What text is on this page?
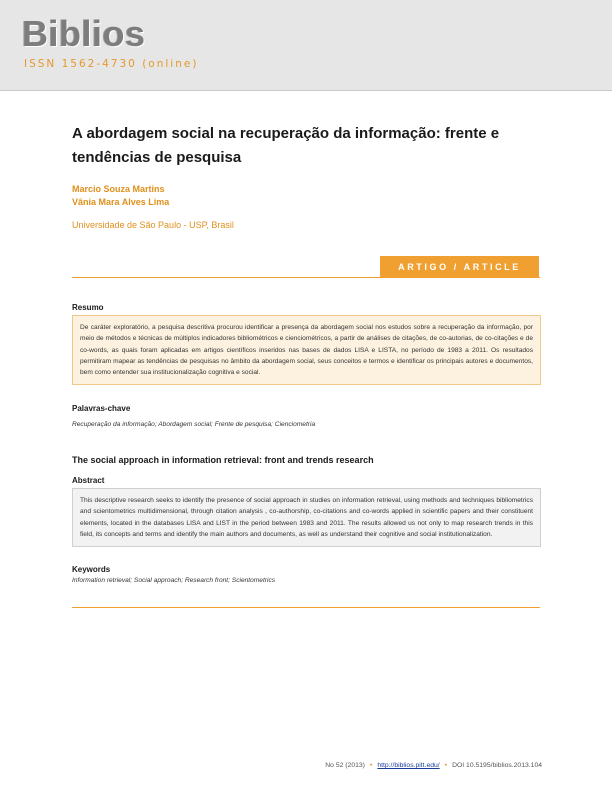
Biblios
ISSN 1562-4730 (online)
A abordagem social na recuperação da informação: frente e tendências de pesquisa
Marcio Souza Martins
Vânia Mara Alves Lima
Universidade de São Paulo - USP, Brasil
ARTIGO / ARTICLE
Resumo
De caráter exploratório, a pesquisa descritiva procurou identificar a presença da abordagem social nos estudos sobre a recuperação da informação, por meio de métodos e técnicas de múltiplos indicadores bibliométricos e cienciométricos, a partir de análises de citações, de co-autorias, de co-citações e de co-words, as quais foram aplicadas em artigos científicos inseridos nas bases de dados LISA e LISTA, no período de 1983 a 2011. Os resultados permitiram mapear as tendências de pesquisas no âmbito da abordagem social, seus conceitos e termos e identificar os principais autores e documentos, bem como entender sua institucionalização cognitiva e social.
Palavras-chave
Recuperação da informação; Abordagem social; Frente de pesquisa; Cienciometria
The social approach in information retrieval: front and trends research
Abstract
This descriptive research seeks to identify the presence of social approach in studies on information retrieval, using methods and techniques bibliometrics and scientometrics multidimensional, through citation analysis , co-authorship, co-citations and co-words applied in scientific papers and their constituent elements, located in the databases LISA and LIST in the period between 1983 and 2011. The results allowed us not only to map research trends in this field, its concepts and terms and identify the main authors and documents, as well as understand their cognitive and social institutionalization.
Keywords
Information retrieval; Social approach; Research front; Scientometrics
No 52 (2013) • http://biblios.pitt.edu/ • DOI 10.5195/biblios.2013.104
